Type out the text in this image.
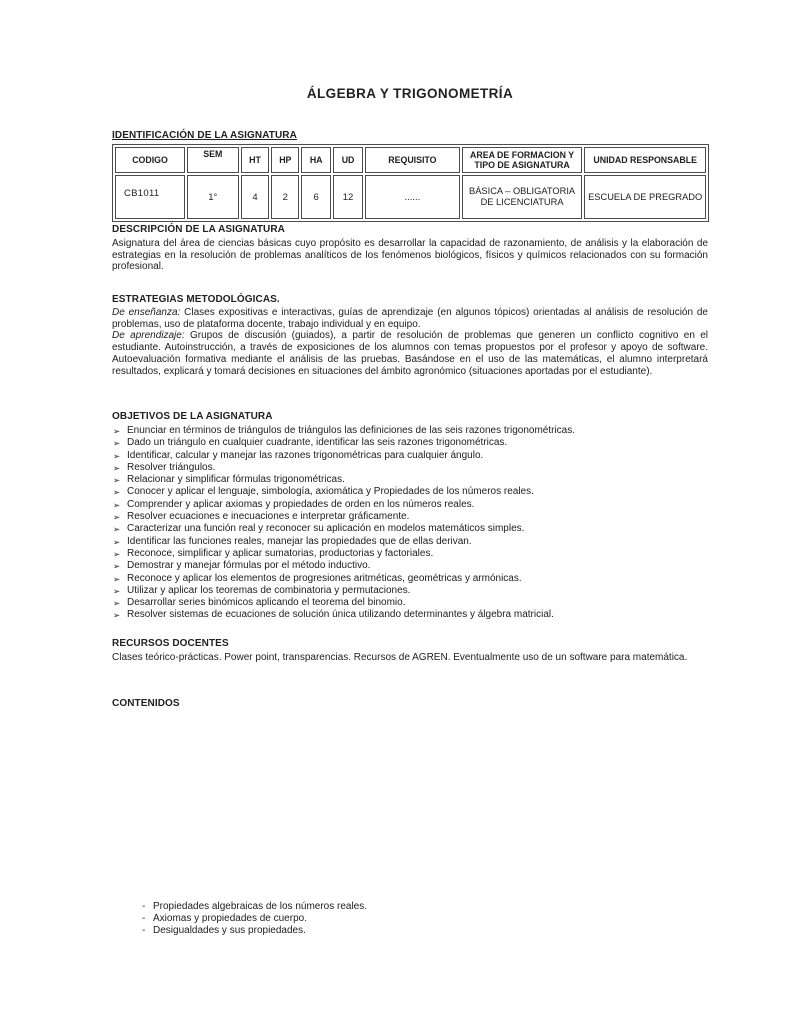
ÁLGEBRA Y TRIGONOMETRÍA
IDENTIFICACIÓN DE LA ASIGNATURA
CODIGO	SEM	HT	HP	HA	UD	REQUISITO	AREA DE FORMACION Y TIPO DE ASIGNATURA	UNIDAD RESPONSABLE
CB1011	1°	4	2	6	12	......	BÁSICA – OBLIGATORIA DE LICENCIATURA	ESCUELA DE PREGRADO
DESCRIPCIÓN DE LA ASIGNATURA

Asignatura del área de ciencias básicas cuyo propósito es desarrollar la capacidad de razonamiento, de análisis y la elaboración de estrategias en la resolución de problemas analíticos de los fenómenos biológicos, físicos y químicos relacionados con su formación profesional.

ESTRATEGIAS METODOLÓGICAS.

De enseñanza: Clases expositivas e interactivas, guías de aprendizaje (en algunos tópicos) orientadas al análisis de resolución de problemas, uso de plataforma docente, trabajo individual y en equipo.

De aprendizaje: Grupos de discusión (guiados), a partir de resolución de problemas que generen un conflicto cognitivo en el estudiante. Autoinstrucción, a través de exposiciones de los alumnos con temas propuestos por el profesor y apoyo de software. Autoevaluación formativa mediante el análisis de las pruebas. Basándose en el uso de las matemáticas, el alumno interpretará resultados, explicará y tomará decisiones en situaciones del ámbito agronómico (situaciones aportadas por el estudiante).

OBJETIVOS DE LA ASIGNATURA
➢ Enunciar en términos de triángulos de triángulos las definiciones de las seis razones trigonométricas.
➢ Dado un triángulo en cualquier cuadrante, identificar las seis razones trigonométricas.
➢ Identificar, calcular y manejar las razones trigonométricas para cualquier ángulo.
➢ Resolver triángulos.
➢ Relacionar y simplificar fórmulas trigonométricas.
➢ Conocer y aplicar el lenguaje, simbología, axiomática y Propiedades de los números reales.
➢ Comprender y aplicar axiomas y propiedades de orden en los números reales.
➢ Resolver ecuaciones e inecuaciones e interpretar gráficamente.
➢ Caracterizar una función real y reconocer su aplicación en modelos matemáticos simples.
➢ Identificar las funciones reales, manejar las propiedades que de ellas derivan.
➢ Reconoce, simplificar y aplicar sumatorias, productorias y factoriales.
➢ Demostrar y manejar fórmulas por el método inductivo.
➢ Reconoce y aplicar los elementos de progresiones aritméticas, geométricas y armónicas.
➢ Utilizar y aplicar los teoremas de combinatoria y permutaciones.
➢ Desarrollar series binómicos aplicando el teorema del binomio.
➢ Resolver sistemas de ecuaciones de solución única utilizando determinantes y álgebra matricial.
RECURSOS DOCENTES

Clases teórico-prácticas. Power point, transparencias. Recursos de AGREN. Eventualmente uso de un software para matemática.

CONTENIDOS
- Propiedades algebraicas de los números reales.
- Axiomas y propiedades de cuerpo.
- Desigualdades y sus propiedades.
